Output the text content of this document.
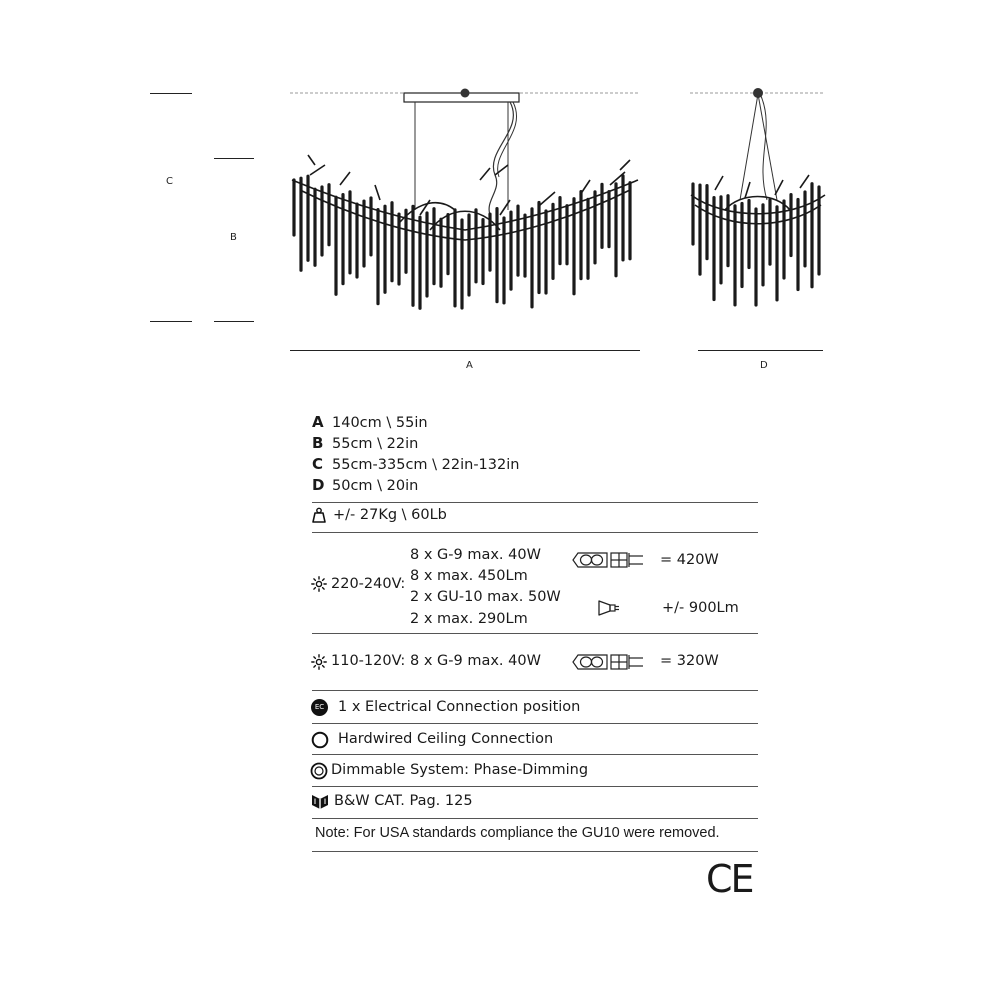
C
B
A	D
A 140cm \ 55in
B 55cm \ 22in
C 55cm-335cm \ 22in-132in
D 50cm \ 20in
+/- 27Kg \ 60Lb
220-240V:
8 x G-9 max. 40W
8 x max. 450Lm
2 x GU-10 max. 50W
2 x max. 290Lm
= 420W
+/- 900Lm
110-120V: 8 x G-9 max. 40W	= 320W
EC 1 x Electrical Connection position
Hardwired Ceiling Connection
Dimmable System: Phase-Dimming
B&W CAT. Pag. 125
Note: For USA standards compliance the GU10 were removed.
CE
